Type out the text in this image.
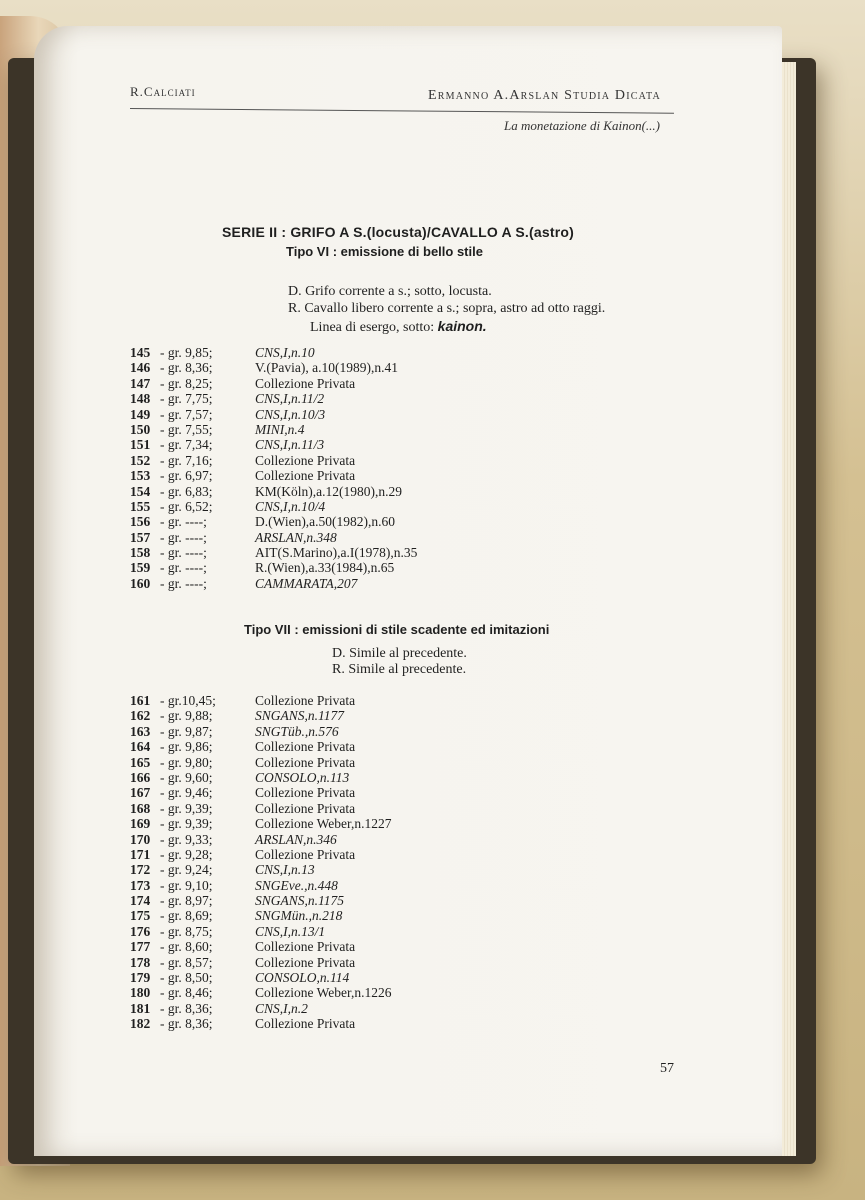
R.Calciati	Ermanno A.Arslan Studia Dicata
La monetazione di Kainon(...)
SERIE II : GRIFO A S.(locusta)/CAVALLO A S.(astro)
Tipo VI : emissione di bello stile
D. Grifo corrente a s.; sotto, locusta.
R. Cavallo libero corrente a s.; sopra, astro ad otto raggi.
Linea di esergo, sotto: kainon.
145 - gr. 9,85;	CNS,I,n.10
146 - gr. 8,36;	V.(Pavia), a.10(1989),n.41
147 - gr. 8,25;	Collezione Privata
148 - gr. 7,75;	CNS,I,n.11/2
149 - gr. 7,57;	CNS,I,n.10/3
150 - gr. 7,55;	MINI,n.4
151 - gr. 7,34;	CNS,I,n.11/3
152 - gr. 7,16;	Collezione Privata
153 - gr. 6,97;	Collezione Privata
154 - gr. 6,83;	KM(Köln),a.12(1980),n.29
155 - gr. 6,52;	CNS,I,n.10/4
156 - gr. ----;	D.(Wien),a.50(1982),n.60
157 - gr. ----;	ARSLAN,n.348
158 - gr. ----;	AIT(S.Marino),a.I(1978),n.35
159 - gr. ----;	R.(Wien),a.33(1984),n.65
160 - gr. ----;	CAMMARATA,207
Tipo VII : emissioni di stile scadente ed imitazioni
D. Simile al precedente.
R. Simile al precedente.
161 - gr.10,45;	Collezione Privata
162 - gr. 9,88;	SNGANS,n.1177
163 - gr. 9,87;	SNGTüb.,n.576
164 - gr. 9,86;	Collezione Privata
165 - gr. 9,80;	Collezione Privata
166 - gr. 9,60;	CONSOLO,n.113
167 - gr. 9,46;	Collezione Privata
168 - gr. 9,39;	Collezione Privata
169 - gr. 9,39;	Collezione Weber,n.1227
170 - gr. 9,33;	ARSLAN,n.346
171 - gr. 9,28;	Collezione Privata
172 - gr. 9,24;	CNS,I,n.13
173 - gr. 9,10;	SNGEve.,n.448
174 - gr. 8,97;	SNGANS,n.1175
175 - gr. 8,69;	SNGMün.,n.218
176 - gr. 8,75;	CNS,I,n.13/1
177 - gr. 8,60;	Collezione Privata
178 - gr. 8,57;	Collezione Privata
179 - gr. 8,50;	CONSOLO,n.114
180 - gr. 8,46;	Collezione Weber,n.1226
181 - gr. 8,36;	CNS,I,n.2
182 - gr. 8,36;	Collezione Privata
57
